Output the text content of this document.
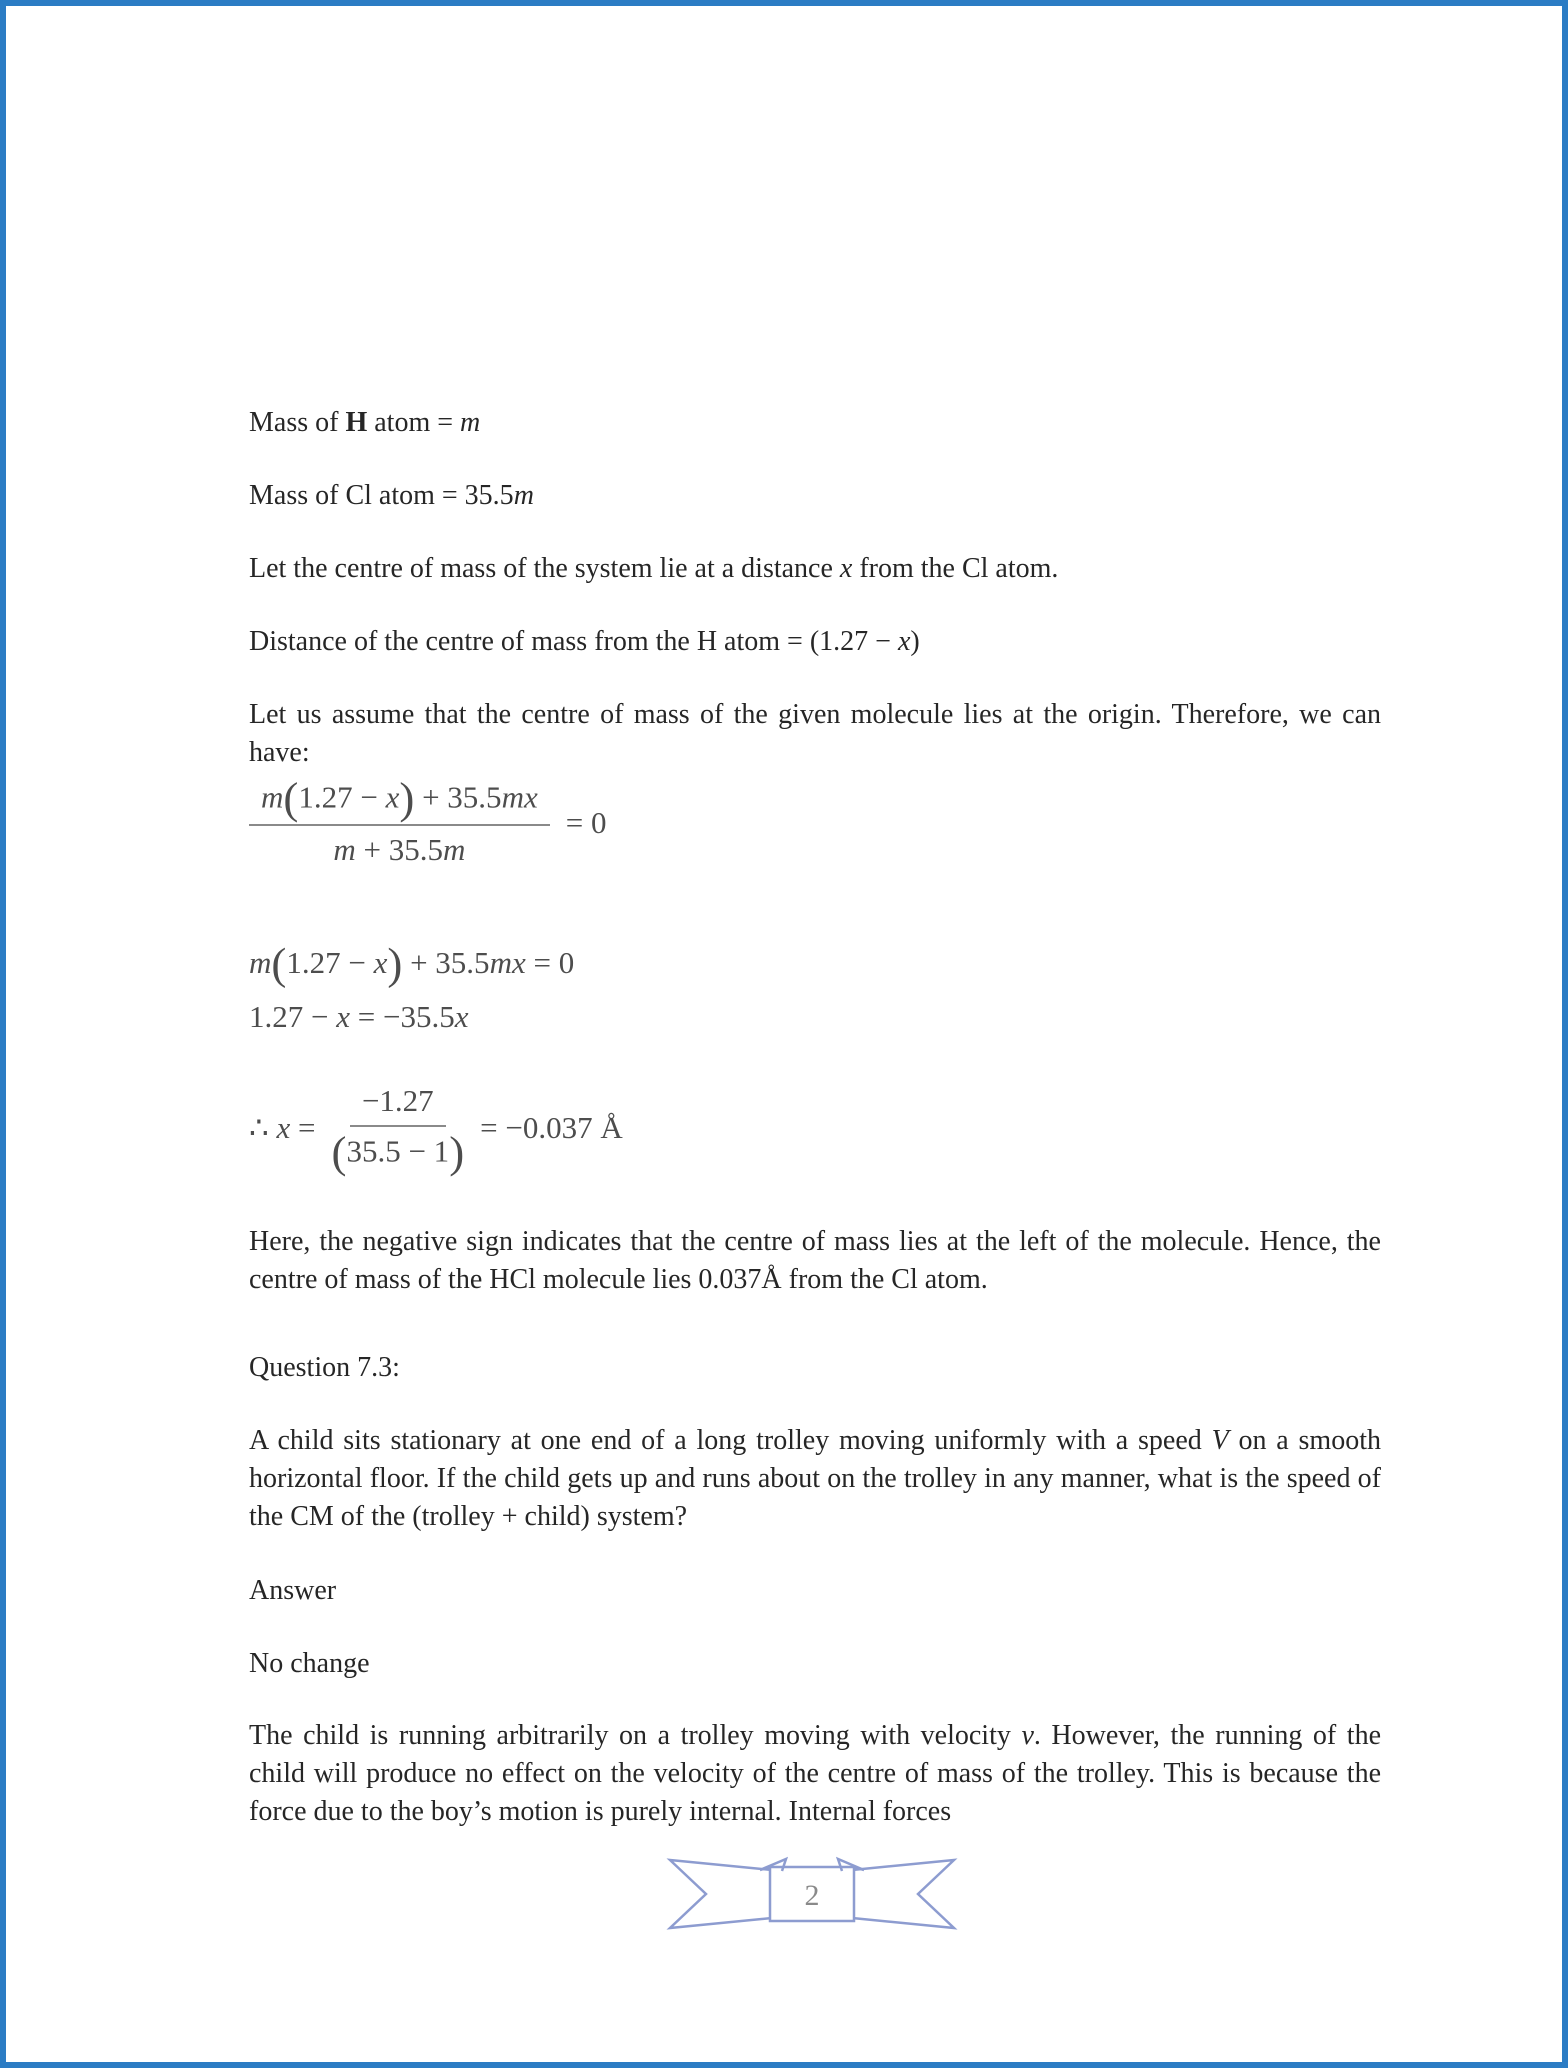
Mass of H atom = m

Mass of Cl atom = 35.5m

Let the centre of mass of the system lie at a distance x from the Cl atom.

Distance of the centre of mass from the H atom = (1.27 − x)

Let us assume that the centre of mass of the given molecule lies at the origin. Therefore, we can have:

$\frac{m(1.27 - x) + 35.5mx}{m + 35.5m} = 0$
m(1.27 − x) + 35.5mx = 0
1.27 − x = −35.5x
∴ $x = \frac{-1.27}{(35.5 - 1)} = -0.037$ Å

Here, the negative sign indicates that the centre of mass lies at the left of the molecule. Hence, the centre of mass of the HCl molecule lies 0.037Å from the Cl atom.

Question 7.3:

A child sits stationary at one end of a long trolley moving uniformly with a speed V on a smooth horizontal floor. If the child gets up and runs about on the trolley in any manner, what is the speed of the CM of the (trolley + child) system?

Answer

No change

The child is running arbitrarily on a trolley moving with velocity v. However, the running of the child will produce no effect on the velocity of the centre of mass of the trolley. This is because the force due to the boy’s motion is purely internal. Internal forces

2
